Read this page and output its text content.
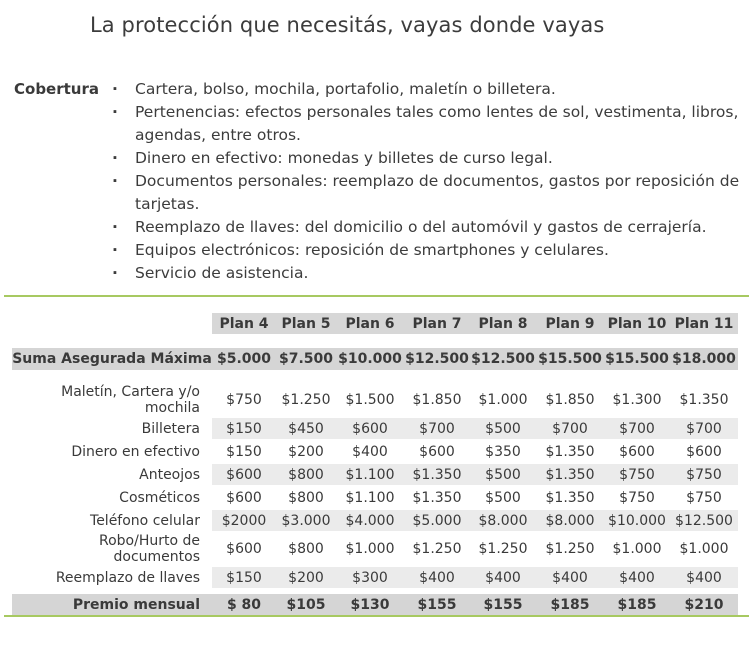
La protección que necesitás, vayas donde vayas
Cobertura	· Cartera, bolso, mochila, portafolio, maletín o billetera.
· Pertenencias: efectos personales tales como lentes de sol, vestimenta, libros, agendas, entre otros.
· Dinero en efectivo: monedas y billetes de curso legal.
· Documentos personales: reemplazo de documentos, gastos por reposición de tarjetas.
· Reemplazo de llaves: del domicilio o del automóvil y gastos de cerrajería.
· Equipos electrónicos: reposición de smartphones y celulares.
· Servicio de asistencia.
	Plan 4	Plan 5	Plan 6	Plan 7	Plan 8	Plan 9	Plan 10	Plan 11

Suma Asegurada Máxima	$5.000	$7.500	$10.000	$12.500	$12.500	$15.500	$15.500	$18.000

Maletín, Cartera y/o mochila	$750	$1.250	$1.500	$1.850	$1.000	$1.850	$1.300	$1.350
Billetera	$150	$450	$600	$700	$500	$700	$700	$700
Dinero en efectivo	$150	$200	$400	$600	$350	$1.350	$600	$600
Anteojos	$600	$800	$1.100	$1.350	$500	$1.350	$750	$750
Cosméticos	$600	$800	$1.100	$1.350	$500	$1.350	$750	$750
Teléfono celular	$2000	$3.000	$4.000	$5.000	$8.000	$8.000	$10.000	$12.500
Robo/Hurto de documentos	$600	$800	$1.000	$1.250	$1.250	$1.250	$1.000	$1.000
Reemplazo de llaves	$150	$200	$300	$400	$400	$400	$400	$400

Premio mensual	$ 80	$105	$130	$155	$155	$185	$185	$210
